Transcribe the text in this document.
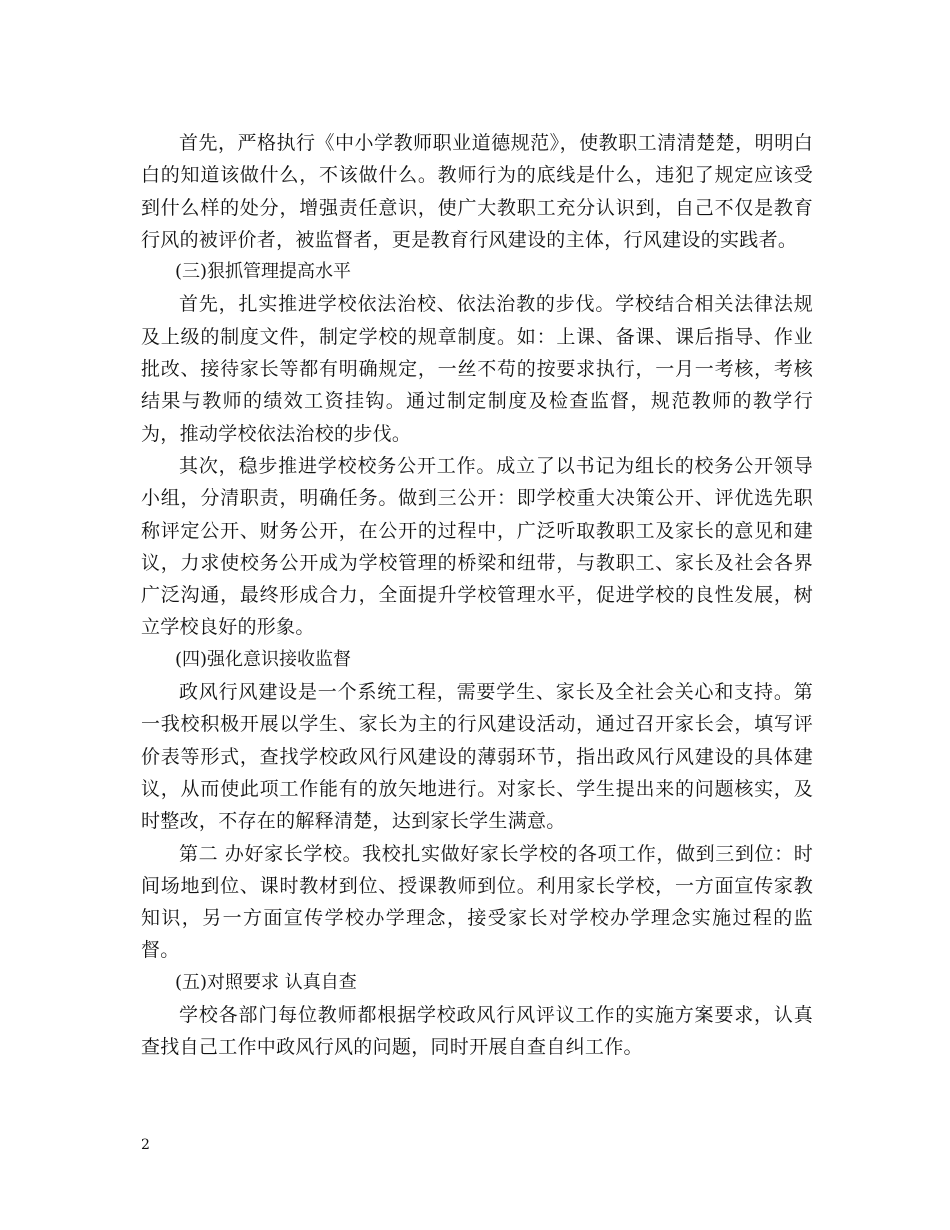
首先，严格执行《中小学教师职业道德规范》，使教职工清清楚楚，明明白白的知道该做什么，不该做什么。教师行为的底线是什么，违犯了规定应该受到什么样的处分，增强责任意识，使广大教职工充分认识到，自己不仅是教育行风的被评价者，被监督者，更是教育行风建设的主体，行风建设的实践者。

(三)狠抓管理提高水平

首先，扎实推进学校依法治校、依法治教的步伐。学校结合相关法律法规及上级的制度文件，制定学校的规章制度。如：上课、备课、课后指导、作业批改、接待家长等都有明确规定，一丝不苟的按要求执行，一月一考核，考核结果与教师的绩效工资挂钩。通过制定制度及检查监督，规范教师的教学行为，推动学校依法治校的步伐。

其次，稳步推进学校校务公开工作。成立了以书记为组长的校务公开领导小组，分清职责，明确任务。做到三公开：即学校重大决策公开、评优选先职称评定公开、财务公开，在公开的过程中，广泛听取教职工及家长的意见和建议，力求使校务公开成为学校管理的桥梁和纽带，与教职工、家长及社会各界广泛沟通，最终形成合力，全面提升学校管理水平，促进学校的良性发展，树立学校良好的形象。

(四)强化意识接收监督

政风行风建设是一个系统工程，需要学生、家长及全社会关心和支持。第一我校积极开展以学生、家长为主的行风建设活动，通过召开家长会，填写评价表等形式，查找学校政风行风建设的薄弱环节，指出政风行风建设的具体建议，从而使此项工作能有的放矢地进行。对家长、学生提出来的问题核实，及时整改，不存在的解释清楚，达到家长学生满意。

第二 办好家长学校。我校扎实做好家长学校的各项工作，做到三到位：时间场地到位、课时教材到位、授课教师到位。利用家长学校，一方面宣传家教知识，另一方面宣传学校办学理念，接受家长对学校办学理念实施过程的监督。

(五)对照要求 认真自查

学校各部门每位教师都根据学校政风行风评议工作的实施方案要求，认真查找自己工作中政风行风的问题，同时开展自查自纠工作。

2
